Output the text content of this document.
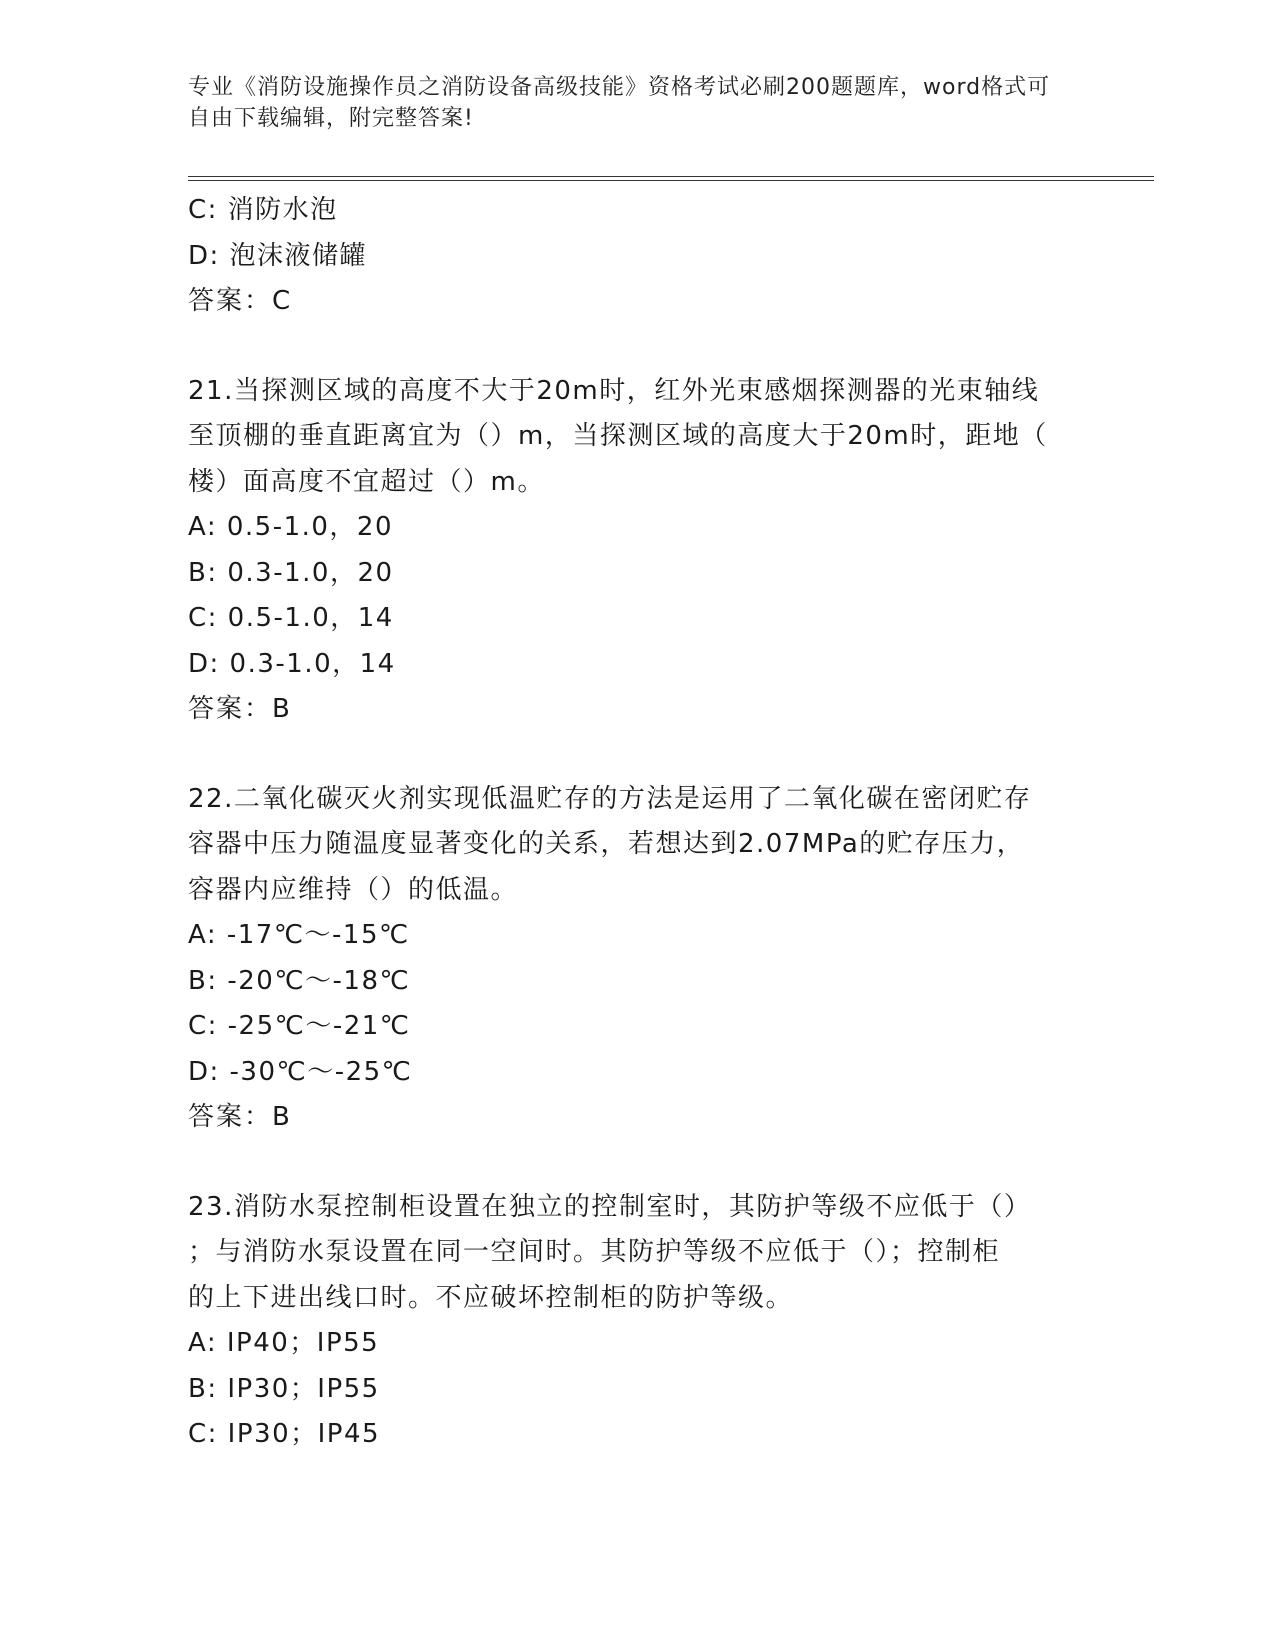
专业《消防设施操作员之消防设备高级技能》资格考试必刷200题题库，word格式可自由下载编辑，附完整答案!
C: 消防水泡
D: 泡沫液储罐
答案：C
21.当探测区域的高度不大于20m时，红外光束感烟探测器的光束轴线
至顶棚的垂直距离宜为（）m，当探测区域的高度大于20m时，距地（
楼）面高度不宜超过（）m。
A: 0.5-1.0，20
B: 0.3-1.0，20
C: 0.5-1.0，14
D: 0.3-1.0，14
答案：B
22.二氧化碳灭火剂实现低温贮存的方法是运用了二氧化碳在密闭贮存
容器中压力随温度显著变化的关系，若想达到2.07MPa的贮存压力，
容器内应维持（）的低温。
A: -17℃～-15℃
B: -20℃～-18℃
C: -25℃～-21℃
D: -30℃～-25℃
答案：B
23.消防水泵控制柜设置在独立的控制室时，其防护等级不应低于（）
；与消防水泵设置在同一空间时。其防护等级不应低于（）；控制柜
的上下进出线口时。不应破坏控制柜的防护等级。
A: IP40；IP55
B: IP30；IP55
C: IP30；IP45
